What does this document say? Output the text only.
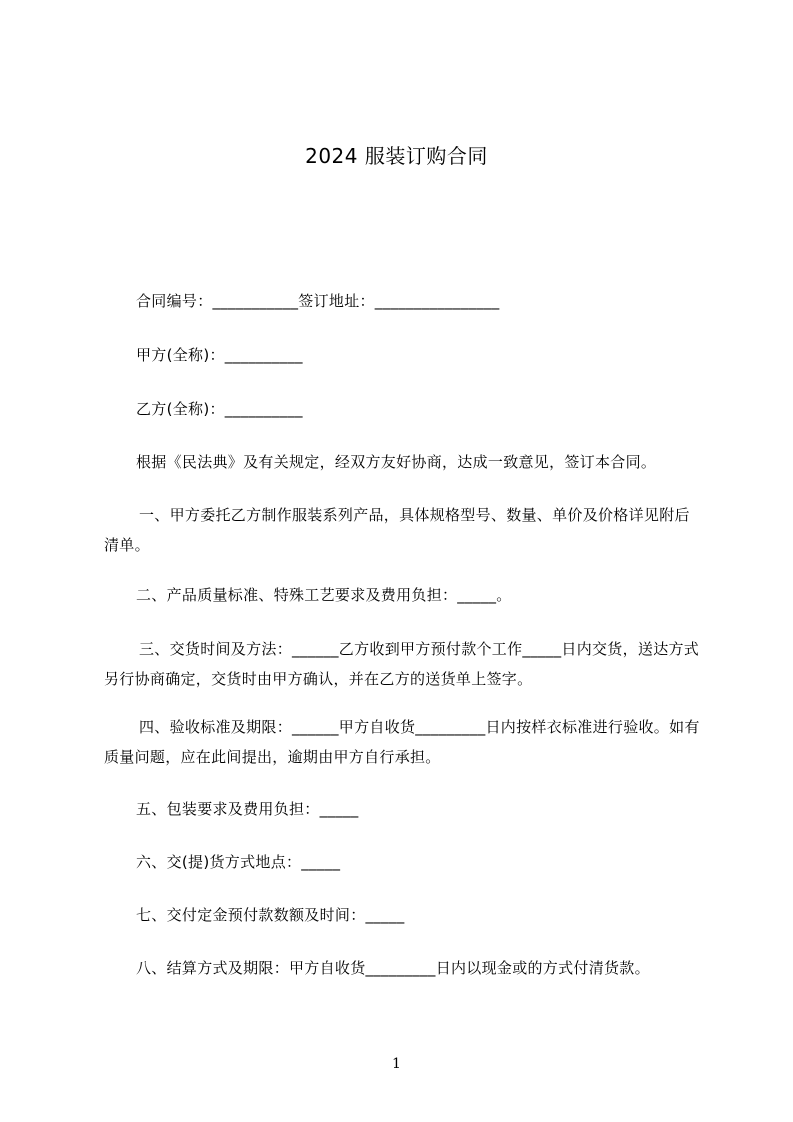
2024 服装订购合同

合同编号：___________签订地址：________________

甲方(全称)：__________

乙方(全称)：__________

根据《民法典》及有关规定，经双方友好协商，达成一致意见，签订本合同。

一、甲方委托乙方制作服装系列产品，具体规格型号、数量、单价及价格详见附后清单。

二、产品质量标准、特殊工艺要求及费用负担：_____。

三、交货时间及方法：______乙方收到甲方预付款个工作_____日内交货，送达方式另行协商确定，交货时由甲方确认，并在乙方的送货单上签字。

四、验收标准及期限：______甲方自收货_________日内按样衣标准进行验收。如有质量问题，应在此间提出，逾期由甲方自行承担。

五、包装要求及费用负担：_____

六、交(提)货方式地点：_____

七、交付定金预付款数额及时间：_____

八、结算方式及期限：甲方自收货_________日内以现金或的方式付清货款。

1
